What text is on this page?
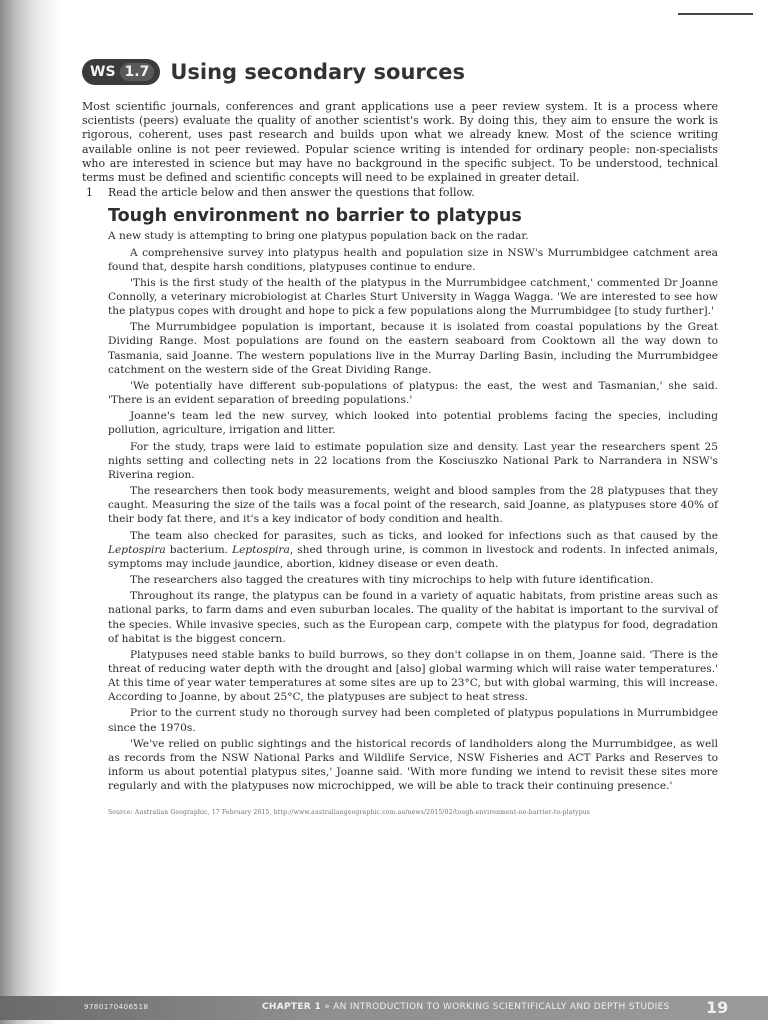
WS 1.7 Using secondary sources
Most scientific journals, conferences and grant applications use a peer review system. It is a process where scientists (peers) evaluate the quality of another scientist's work. By doing this, they aim to ensure the work is rigorous, coherent, uses past research and builds upon what we already knew. Most of the science writing available online is not peer reviewed. Popular science writing is intended for ordinary people: non-specialists who are interested in science but may have no background in the specific subject. To be understood, technical terms must be defined and scientific concepts will need to be explained in greater detail.
1	Read the article below and then answer the questions that follow.
Tough environment no barrier to platypus

A new study is attempting to bring one platypus population back on the radar.

A comprehensive survey into platypus health and population size in NSW's Murrumbidgee catchment area found that, despite harsh conditions, platypuses continue to endure.

'This is the first study of the health of the platypus in the Murrumbidgee catchment,' commented Dr Joanne Connolly, a veterinary microbiologist at Charles Sturt University in Wagga Wagga. 'We are interested to see how the platypus copes with drought and hope to pick a few populations along the Murrumbidgee [to study further].'

The Murrumbidgee population is important, because it is isolated from coastal populations by the Great Dividing Range. Most populations are found on the eastern seaboard from Cooktown all the way down to Tasmania, said Joanne. The western populations live in the Murray Darling Basin, including the Murrumbidgee catchment on the western side of the Great Dividing Range.

'We potentially have different sub-populations of platypus: the east, the west and Tasmanian,' she said. 'There is an evident separation of breeding populations.'

Joanne's team led the new survey, which looked into potential problems facing the species, including pollution, agriculture, irrigation and litter.

For the study, traps were laid to estimate population size and density. Last year the researchers spent 25 nights setting and collecting nets in 22 locations from the Kosciuszko National Park to Narrandera in NSW's Riverina region.

The researchers then took body measurements, weight and blood samples from the 28 platypuses that they caught. Measuring the size of the tails was a focal point of the research, said Joanne, as platypuses store 40% of their body fat there, and it's a key indicator of body condition and health.

The team also checked for parasites, such as ticks, and looked for infections such as that caused by the Leptospira bacterium. Leptospira, shed through urine, is common in livestock and rodents. In infected animals, symptoms may include jaundice, abortion, kidney disease or even death.

The researchers also tagged the creatures with tiny microchips to help with future identification.

Throughout its range, the platypus can be found in a variety of aquatic habitats, from pristine areas such as national parks, to farm dams and even suburban locales. The quality of the habitat is important to the survival of the species. While invasive species, such as the European carp, compete with the platypus for food, degradation of habitat is the biggest concern.

Platypuses need stable banks to build burrows, so they don't collapse in on them, Joanne said. 'There is the threat of reducing water depth with the drought and [also] global warming which will raise water temperatures.' At this time of year water temperatures at some sites are up to 23°C, but with global warming, this will increase. According to Joanne, by about 25°C, the platypuses are subject to heat stress.

Prior to the current study no thorough survey had been completed of platypus populations in Murrumbidgee since the 1970s.

'We've relied on public sightings and the historical records of landholders along the Murrumbidgee, as well as records from the NSW National Parks and Wildlife Service, NSW Fisheries and ACT Parks and Reserves to inform us about potential platypus sites,' Joanne said. 'With more funding we intend to revisit these sites more regularly and with the platypuses now microchipped, we will be able to track their continuing presence.'

Source: Australian Geographic, 17 February 2015, http://www.australiangeographic.com.au/news/2015/02/tough-environment-no-barrier-to-platypus
9780170406518	CHAPTER 1 » AN INTRODUCTION TO WORKING SCIENTIFICALLY AND DEPTH STUDIES 19
